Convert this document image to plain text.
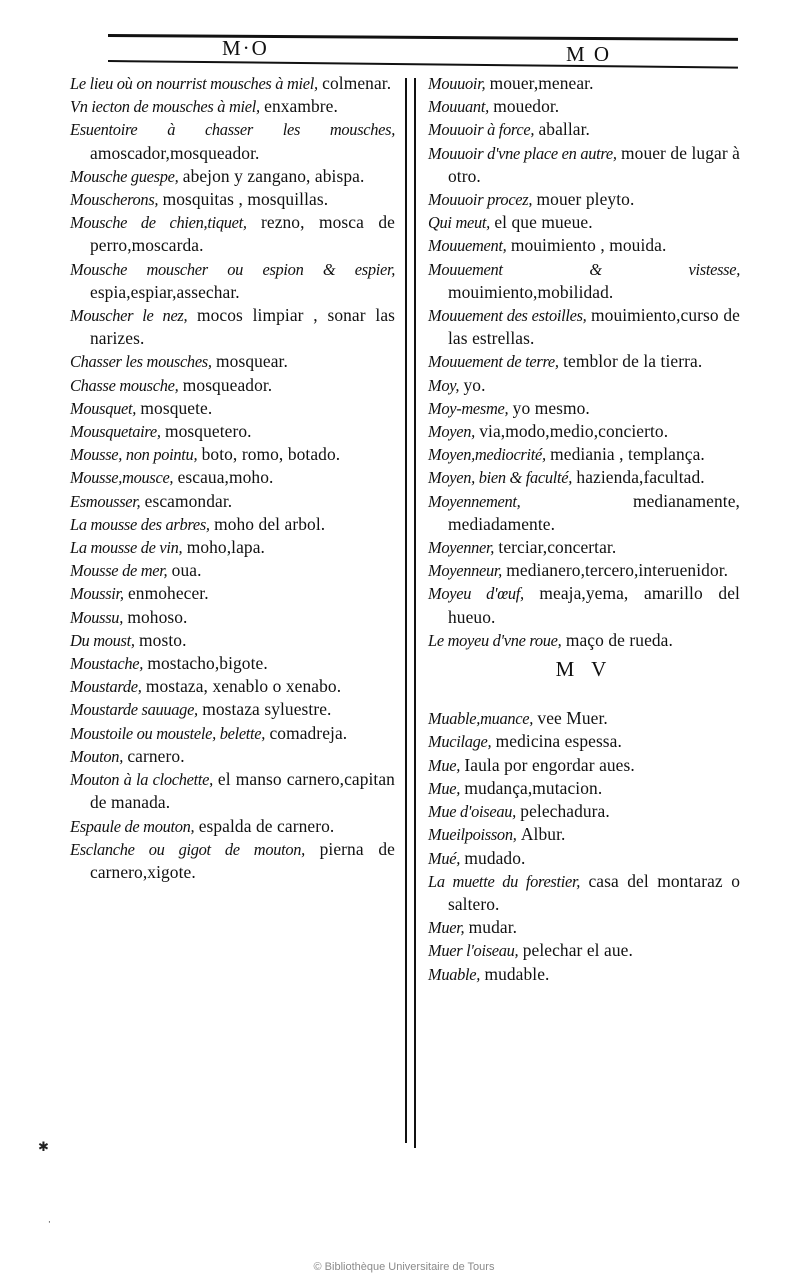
M·O	M O

Le lieu où on nourrist mousches à miel, colmenar.

Vn iecton de mousches à miel, enxambre.

Esuentoire à chasser les mousches, amoscador,mosqueador.

Mousche guespe, abejon y zangano, abispa.

Mouscherons, mosquitas , mosquillas.

Mousche de chien,tiquet, rezno, mosca de perro,moscarda.

Mousche mouscher ou espion & espier, espia,espiar,assechar.

Mouscher le nez, mocos limpiar , sonar las narizes.

Chasser les mousches, mosquear.

Chasse mousche, mosqueador.

Mousquet, mosquete.

Mousquetaire, mosquetero.

Mousse, non pointu, boto, romo, botado.

Mousse,mousce, escaua,moho.

Esmousser, escamondar.

La mousse des arbres, moho del arbol.

La mousse de vin, moho,lapa.

Mousse de mer, oua.

Moussir, enmohecer.

Moussu, mohoso.

Du moust, mosto.

Moustache, mostacho,bigote.

Moustarde, mostaza, xenablo o xenabo.

Moustarde sauuage, mostaza syluestre.

Moustoile ou moustele, belette, comadreja.

Mouton, carnero.

Mouton à la clochette, el manso carnero,capitan de manada.

Espaule de mouton, espalda de carnero.

Esclanche ou gigot de mouton, pierna de carnero,xigote.

Mouuoir, mouer,menear.

Mouuant, mouedor.

Mouuoir à force, aballar.

Mouuoir d'vne place en autre, mouer de lugar à otro.

Mouuoir procez, mouer pleyto.

Qui meut, el que mueue.

Mouuement, mouimiento , mouida.

Mouuement & vistesse, mouimiento,mobilidad.

Mouuement des estoilles, mouimiento,curso de las estrellas.

Mouuement de terre, temblor de la tierra.

Moy, yo.

Moy-mesme, yo mesmo.

Moyen, via,modo,medio,concierto.

Moyen,mediocrité, mediania , templança.

Moyen, bien & faculté, hazienda,facultad.

Moyennement,	medianamente, mediadamente.

Moyenner, terciar,concertar.

Moyenneur, medianero,tercero,interuenidor.

Moyeu d'œuf, meaja,yema, amarillo del hueuo.

Le moyeu d'vne roue, maço de rueda.

M V

Muable,muance, vee Muer.

Mucilage, medicina espessa.

Mue, Iaula por engordar aues.

Mue, mudança,mutacion.

Mue d'oiseau, pelechadura.

Mueilpoisson, Albur.

Mué, mudado.

La muette du forestier, casa del montaraz o saltero.

Muer, mudar.

Muer l'oiseau, pelechar el aue.

Muable, mudable.

✱
·
© Bibliothèque Universitaire de Tours
